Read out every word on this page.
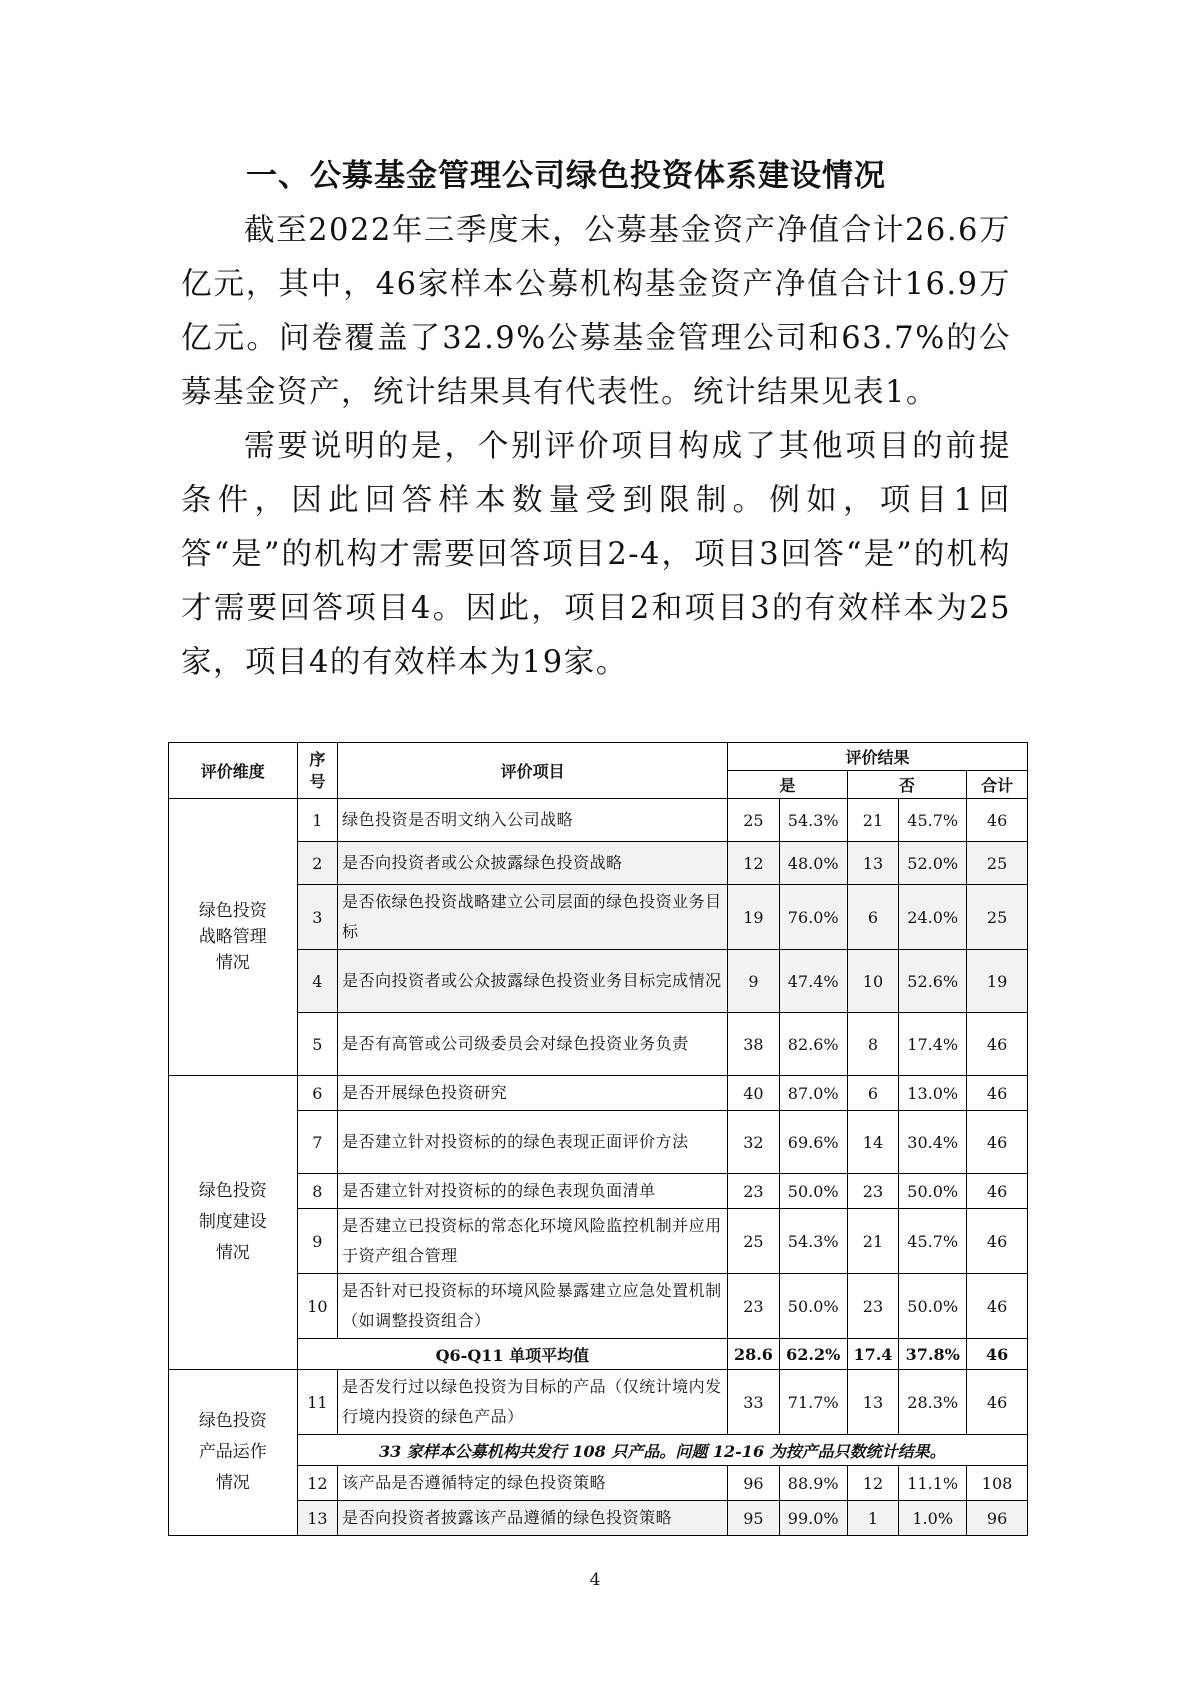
一、公募基金管理公司绿色投资体系建设情况

截至2022年三季度末，公募基金资产净值合计26.6万亿元，其中，46家样本公募机构基金资产净值合计16.9万亿元。问卷覆盖了32.9%公募基金管理公司和63.7%的公募基金资产，统计结果具有代表性。统计结果见表1。

需要说明的是，个别评价项目构成了其他项目的前提条件，因此回答样本数量受到限制。例如，项目1回答“是”的机构才需要回答项目2-4，项目3回答“是”的机构才需要回答项目4。因此，项目2和项目3的有效样本为25家，项目4的有效样本为19家。

评价维度	序号	评价项目	评价结果				
			是		否		合计
绿色投资战略管理情况	1	绿色投资是否明文纳入公司战略	25	54.3%	21	45.7%	46
	2	是否向投资者或公众披露绿色投资战略	12	48.0%	13	52.0%	25
	3	是否依绿色投资战略建立公司层面的绿色投资业务目标	19	76.0%	6	24.0%	25
	4	是否向投资者或公众披露绿色投资业务目标完成情况	9	47.4%	10	52.6%	19
	5	是否有高管或公司级委员会对绿色投资业务负责	38	82.6%	8	17.4%	46
绿色投资制度建设情况	6	是否开展绿色投资研究	40	87.0%	6	13.0%	46
	7	是否建立针对投资标的的绿色表现正面评价方法	32	69.6%	14	30.4%	46
	8	是否建立针对投资标的的绿色表现负面清单	23	50.0%	23	50.0%	46
	9	是否建立已投资标的常态化环境风险监控机制并应用于资产组合管理	25	54.3%	21	45.7%	46
	10	是否针对已投资标的环境风险暴露建立应急处置机制（如调整投资组合）	23	50.0%	23	50.0%	46
	Q6-Q11 单项平均值		28.6	62.2%	17.4	37.8%	46
绿色投资产品运作情况	11	是否发行过以绿色投资为目标的产品（仅统计境内发行境内投资的绿色产品）	33	71.7%	13	28.3%	46
	33 家样本公募机构共发行 108 只产品。问题 12-16 为按产品只数统计结果。						
	12	该产品是否遵循特定的绿色投资策略	96	88.9%	12	11.1%	108
	13	是否向投资者披露该产品遵循的绿色投资策略	95	99.0%	1	1.0%	96
4
